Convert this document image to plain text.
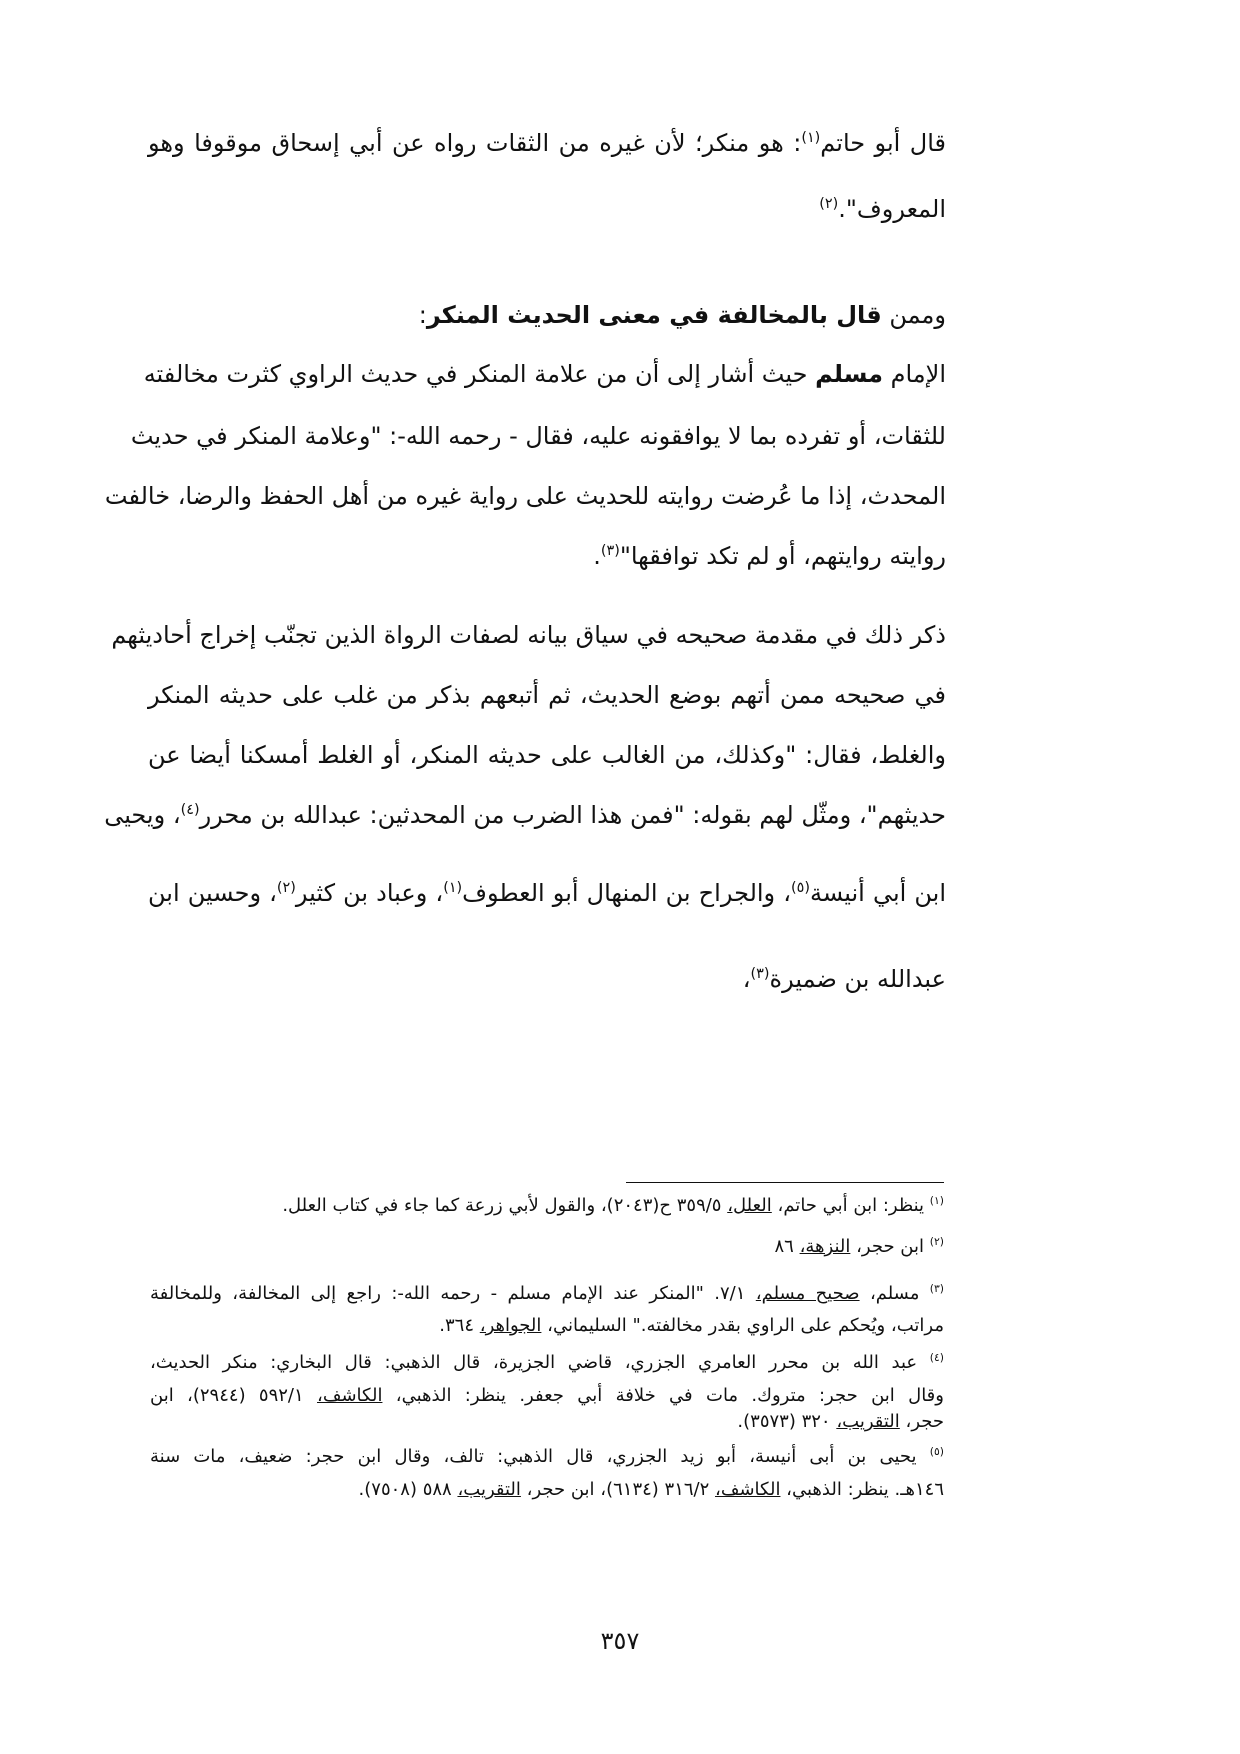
قال أبو حاتم$^{(١)}$: هو منكر؛ لأن غيره من الثقات رواه عن أبي إسحاق موقوفا وهو
المعروف".$^{(٢)}$
وممن قال بالمخالفة في معنى الحديث المنكر:
الإمام مسلم حيث أشار إلى أن من علامة المنكر في حديث الراوي كثرت مخالفته
للثقات، أو تفرده بما لا يوافقونه عليه، فقال - رحمه الله-: "وعلامة المنكر في حديث
المحدث، إذا ما عُرضت روايته للحديث على رواية غيره من أهل الحفظ والرضا، خالفت
روايته روايتهم، أو لم تكد توافقها"$^{(٣)}$.
ذكر ذلك في مقدمة صحيحه في سياق بيانه لصفات الرواة الذين تجنّب إخراج أحاديثهم
في صحيحه ممن أتهم بوضع الحديث، ثم أتبعهم بذكر من غلب على حديثه المنكر
والغلط، فقال: "وكذلك، من الغالب على حديثه المنكر، أو الغلط أمسكنا أيضا عن
حديثهم"، ومثّل لهم بقوله: "فمن هذا الضرب من المحدثين: عبدالله بن محرر$^{(٤)}$، ويحيى
ابن أبي أنيسة$^{(٥)}$، والجراح بن المنهال أبو العطوف$^{(١)}$، وعباد بن كثير$^{(٢)}$، وحسين ابن
عبدالله بن ضميرة$^{(٣)}$،
$^{(١)}$ ينظر: ابن أبي حاتم، العلل، ٣٥٩/٥ ح(٢٠٤٣)، والقول لأبي زرعة كما جاء في كتاب العلل.
$^{(٢)}$ ابن حجر، النزهة، ٨٦
$^{(٣)}$ مسلم، صحيح مسلم، ٧/١. "المنكر عند الإمام مسلم - رحمه الله-: راجع إلى المخالفة، وللمخالفة
مراتب، ويُحكم على الراوي بقدر مخالفته." السليماني، الجواهر، ٣٦٤.
$^{(٤)}$ عبد الله بن محرر العامري الجزري، قاضي الجزيرة، قال الذهبي: قال البخاري: منكر الحديث،
وقال ابن حجر: متروك. مات في خلافة أبي جعفر. ينظر: الذهبي، الكاشف، ٥٩٢/١ (٢٩٤٤)، ابن
حجر، التقريب، ٣٢٠ (٣٥٧٣).
$^{(٥)}$ يحيى بن أبى أنيسة، أبو زيد الجزري، قال الذهبي: تالف، وقال ابن حجر: ضعيف، مات سنة
١٤٦هـ. ينظر: الذهبي، الكاشف، ٣١٦/٢ (٦١٣٤)، ابن حجر، التقريب، ٥٨٨ (٧٥٠٨).
٣٥٧
